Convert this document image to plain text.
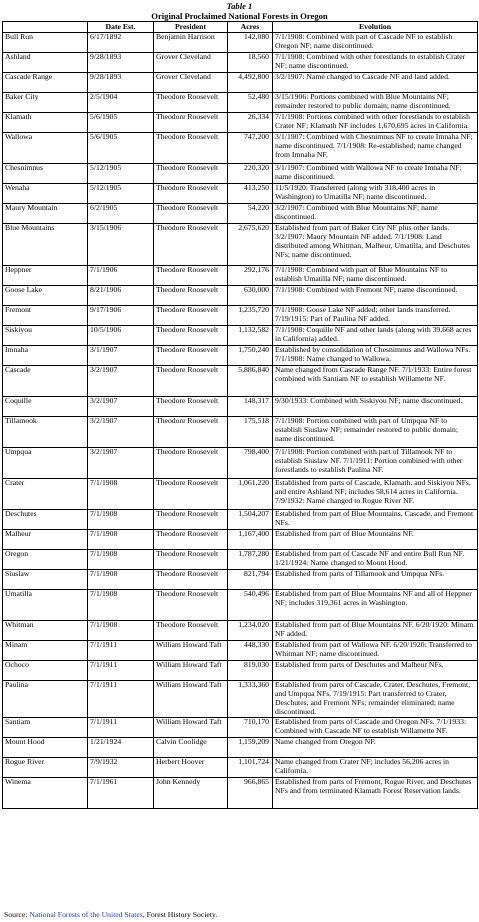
Table 1
Original Proclaimed National Forests in Oregon
	Date Est.	President	Acres	Evolution
Bull Run	6/17/1892	Benjamin Harrison	142,080	7/1/1908: Combined with part of Cascade NF to establish Oregon NF; name discontinued.
Ashland	9/28/1893	Grover Cleveland	18,560	7/1/1908: Combined with other forestlands to establish Crater NF; name discontinued.
Cascade Range	9/28/1893	Grover Cleveland	4,492,800	3/2/1907: Name changed to Cascade NF and land added.
Baker City	2/5/1904	Theodore Roosevelt	52,480	3/15/1906: Portions combined with Blue Mountains NF; remainder restored to public domain; name discontinued.
Klamath	5/6/1905	Theodore Roosevelt	26,334	7/1/1908: Portions combined with other forestlands to establish Crater NF; Klamath NF includes 1,670,695 acres in California.
Wallowa	5/6/1905	Theodore Roosevelt	747,200	3/1/1907: Combined with Chesnimnus NF to create Imnaha NF; name discontinued. 7/1/1908: Re-established; name changed from Imnaha NF.
Chesnimnus	5/12/1905	Theodore Roosevelt	220,320	3/1/1907: Combined with Wallowa NF to create Imnaha NF; name discontinued.
Wenaha	5/12/1905	Theodore Roosevelt	413,250	11/5/1920: Transferred (along with 318,400 acres in Washington) to Umatilla NF; name discontinued.
Maury Mountain	6/2/1905	Theodore Roosevelt	54,220	3/2/1907: Combined with Blue Mountains NF; name discontinued.
Blue Mountains	3/15/1906	Theodore Roosevelt	2,675,620	Established from part of Baker City NF plus other lands. 3/2/1907: Maury Mountain NF added. 7/1/1908: Land distributed among Whitman, Malheur, Umatilla, and Deschutes NFs; name discontinued.
Heppner	7/1/1906	Theodore Roosevelt	292,176	7/1/1908: Combined with part of Blue Mountains NF to establish Umatilla NF; name discontinued.
Goose Lake	8/21/1906	Theodore Roosevelt	630,000	7/1/1908: Combined with Fremont NF; name discontinued.
Fremont	9/17/1906	Theodore Roosevelt	1,235,720	7/1/1908: Goose Lake NF added; other lands transferred. 7/19/1915: Part of Paulina NF added.
Siskiyou	10/5/1906	Theodore Roosevelt	1,132,582	7/1/1908: Coquille NF and other lands (along with 39,668 acres in California) added.
Imnaha	3/1/1907	Theodore Roosevelt	1,750,240	Established by consolidation of Chesnimnus and Wallowa NFs. 7/1/1908: Name changed to Wallowa.
Cascade	3/2/1907	Theodore Roosevelt	5,886,840	Name changed from Cascade Range NF. 7/1/1933: Entire forest combined with Santiam NF to establish Willamette NF.
Coquille	3/2/1907	Theodore Roosevelt	148,317	9/30/1933: Combined with Siskiyou NF; name discontinued.
Tillamook	3/2/1907	Theodore Roosevelt	175,518	7/1/1908: Portion combined with part of Umpqua NF to establish Siuslaw NF; remainder restored to public domain; name discontinued.
Umpqua	3/2/1907	Theodore Roosevelt	798,400	7/1/1908: Portion combined with part of Tillamook NF to establish Siuslaw NF. 7/1/1911: Portion combined with other forestlands to establish Paulina NF.
Crater	7/1/1908	Theodore Roosevelt	1,061,220	Established from parts of Cascade, Klamath, and Siskiyou NFs, and entire Ashland NF; includes 58,614 acres in California. 7/9/1932: Name changed to Rogue River NF.
Deschutes	7/1/1908	Theodore Roosevelt	1,504,207	Established from part of Blue Mountains, Cascade, and Fremont NFs.
Malheur	7/1/1908	Theodore Roosevelt	1,167,400	Established from part of Blue Mountains NF.
Oregon	7/1/1908	Theodore Roosevelt	1,787,280	Established from part of Cascade NF and entire Bull Run NF. 1/21/1924: Name changed to Mount Hood.
Siuslaw	7/1/1908	Theodore Roosevelt	821,794	Established from parts of Tillamook and Umpqua NFs.
Umatilla	7/1/1908	Theodore Roosevelt	540,496	Established from part of Blue Mountains NF and all of Heppner NF; includes 319,361 acres in Washington.
Whitman	7/1/1908	Theodore Roosevelt	1,234,020	Established from part of Blue Mountains NF. 6/20/1920: Minam NF added.
Minam	7/1/1911	William Howard Taft	448,330	Established from part of Wallowa NF. 6/20/1920: Transferred to Whitman NF; name discontinued.
Ochoco	7/1/1911	William Howard Taft	819,030	Established from parts of Deschutes and Malheur NFs.
Paulina	7/1/1911	William Howard Taft	1,333,360	Established from parts of Cascade, Crater, Deschutes, Fremont, and Umpqua NFs. 7/19/1915: Part transferred to Crater, Deschutes, and Fremont NFs; remainder eliminated; name discontinued.
Santiam	7/1/1911	William Howard Taft	710,170	Established from parts of Cascade and Oregon NFs. 7/1/1933: Combined with Cascade NF to establish Willamette NF.
Mount Hood	1/21/1924	Calvin Coolidge	1,159,209	Name changed from Oregon NF.
Rogue River	7/9/1932	Herbert Hoover	1,101,724	Name changed from Crater NF; includes 56,206 acres in California.
Winema	7/1/1961	John Kennedy	966,865	Established from parts of Fremont, Rogue River, and Deschutes NFs and from terminated Klamath Forest Reservation lands.
Source: National Forests of the United States, Forest History Society.
